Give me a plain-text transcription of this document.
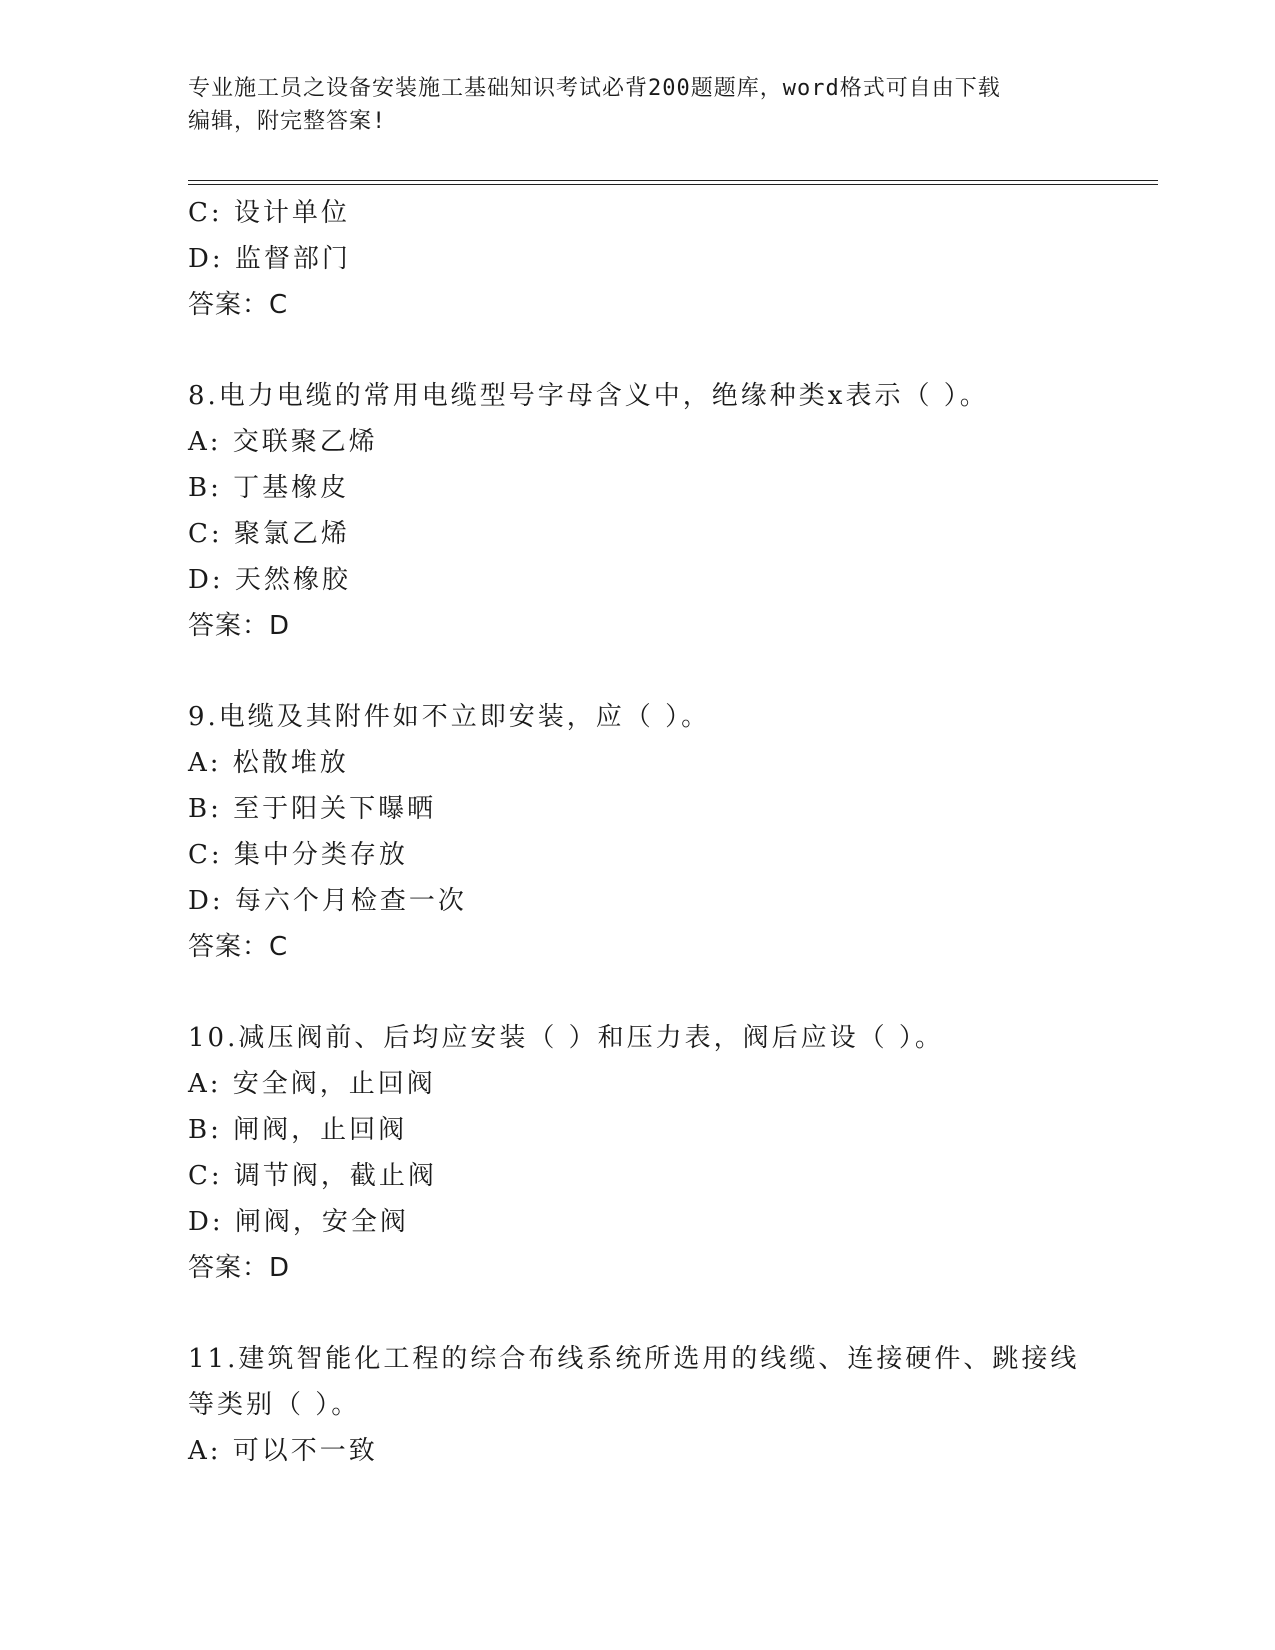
专业施工员之设备安装施工基础知识考试必背200题题库，word格式可自由下载
编辑，附完整答案!
C: 设计单位
D: 监督部门
答案：C
8.电力电缆的常用电缆型号字母含义中，绝缘种类x表示（ ）。
A: 交联聚乙烯
B: 丁基橡皮
C: 聚氯乙烯
D: 天然橡胶
答案：D
9.电缆及其附件如不立即安装，应（ ）。
A: 松散堆放
B: 至于阳关下曝晒
C: 集中分类存放
D: 每六个月检查一次
答案：C
10.减压阀前、后均应安装（ ）和压力表，阀后应设（ ）。
A: 安全阀，止回阀
B: 闸阀，止回阀
C: 调节阀，截止阀
D: 闸阀，安全阀
答案：D
11.建筑智能化工程的综合布线系统所选用的线缆、连接硬件、跳接线
等类别（ ）。
A: 可以不一致
